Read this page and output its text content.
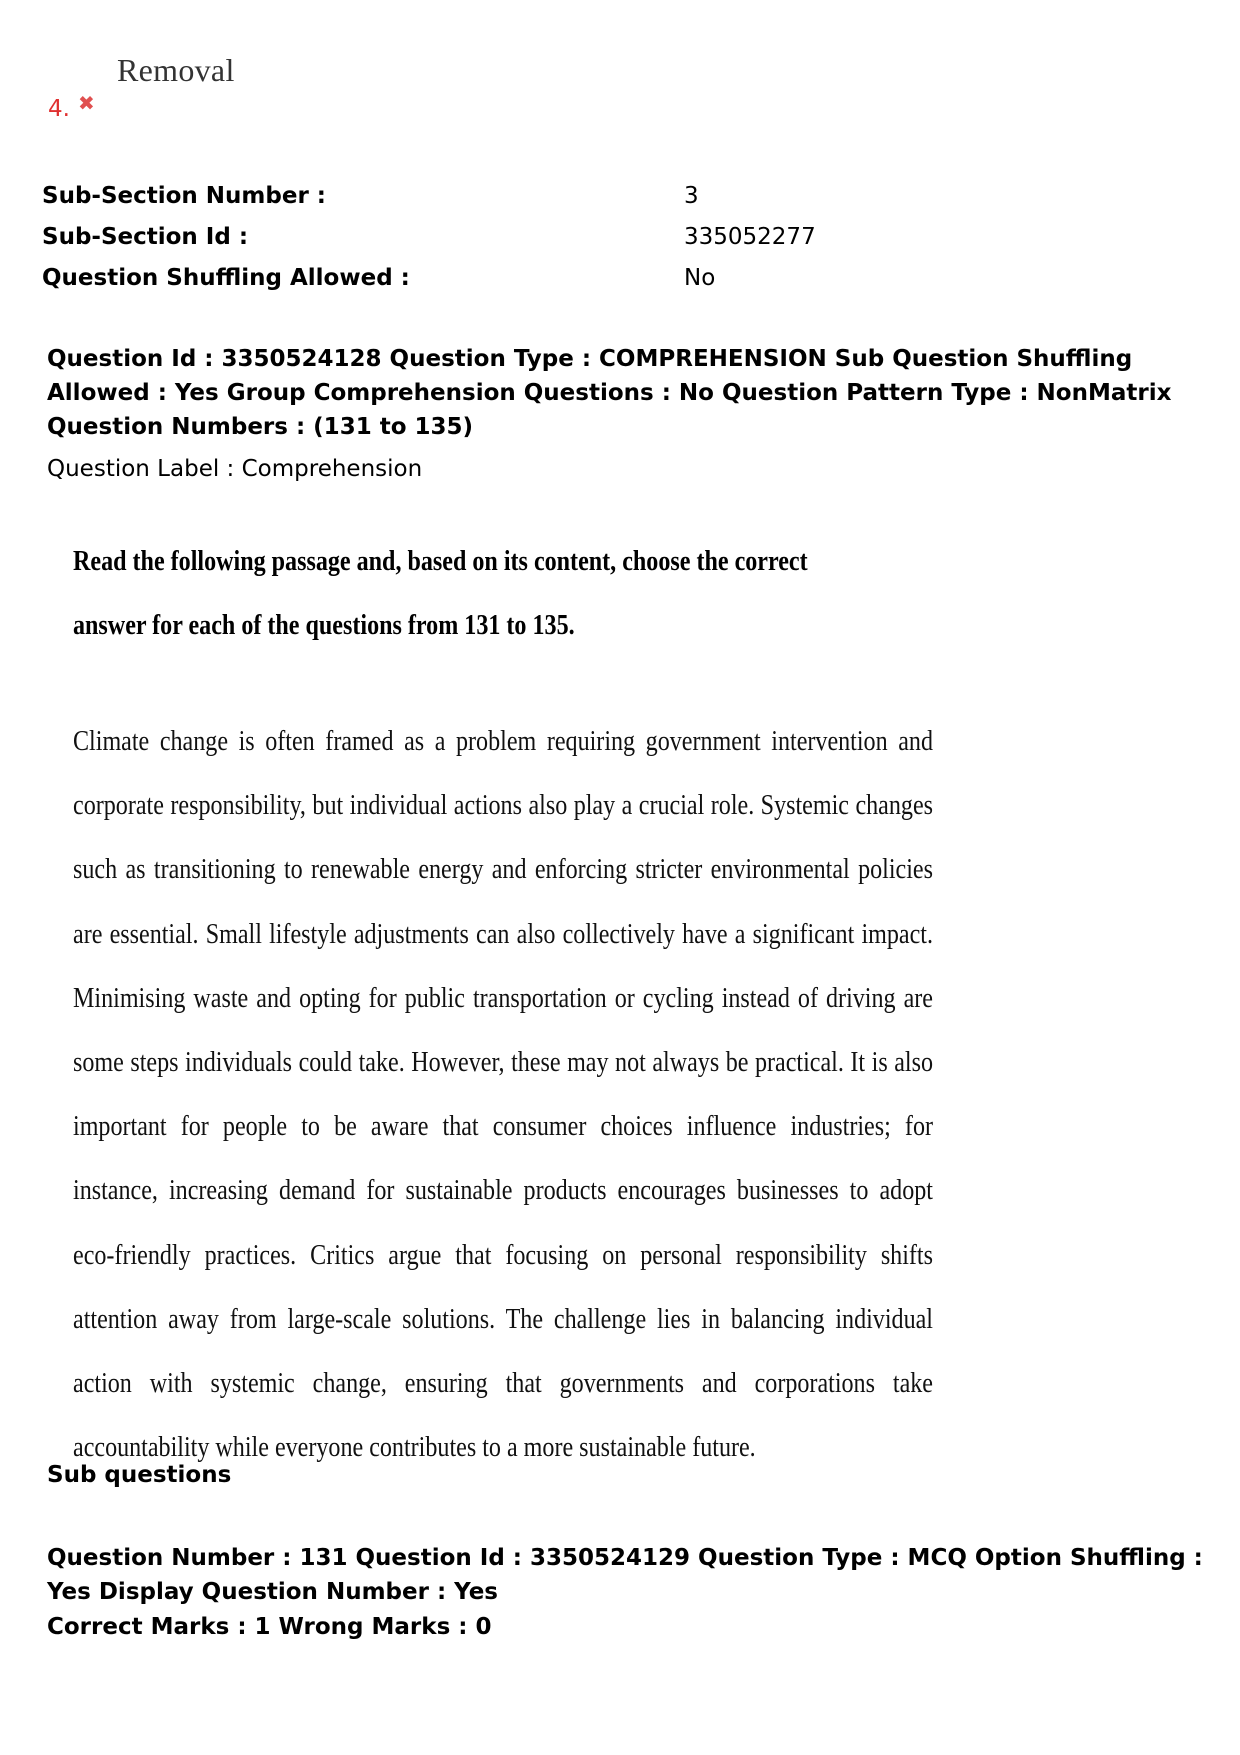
Removal
4. ✖
Sub-Section Number :	3
Sub-Section Id :	335052277
Question Shuffling Allowed :	No
Question Id : 3350524128 Question Type : COMPREHENSION Sub Question Shuffling Allowed : Yes Group Comprehension Questions : No Question Pattern Type : NonMatrix
Question Numbers : (131 to 135)
Question Label : Comprehension
Read the following passage and, based on its content, choose the correct answer for each of the questions from 131 to 135.
Climate change is often framed as a problem requiring government intervention and corporate responsibility, but individual actions also play a crucial role. Systemic changes such as transitioning to renewable energy and enforcing stricter environmental policies are essential. Small lifestyle adjustments can also collectively have a significant impact. Minimising waste and opting for public transportation or cycling instead of driving are some steps individuals could take. However, these may not always be practical. It is also important for people to be aware that consumer choices influence industries; for instance, increasing demand for sustainable products encourages businesses to adopt eco-friendly practices. Critics argue that focusing on personal responsibility shifts attention away from large-scale solutions. The challenge lies in balancing individual action with systemic change, ensuring that governments and corporations take accountability while everyone contributes to a more sustainable future.
Sub questions
Question Number : 131 Question Id : 3350524129 Question Type : MCQ Option Shuffling : Yes Display Question Number : Yes
Correct Marks : 1 Wrong Marks : 0
